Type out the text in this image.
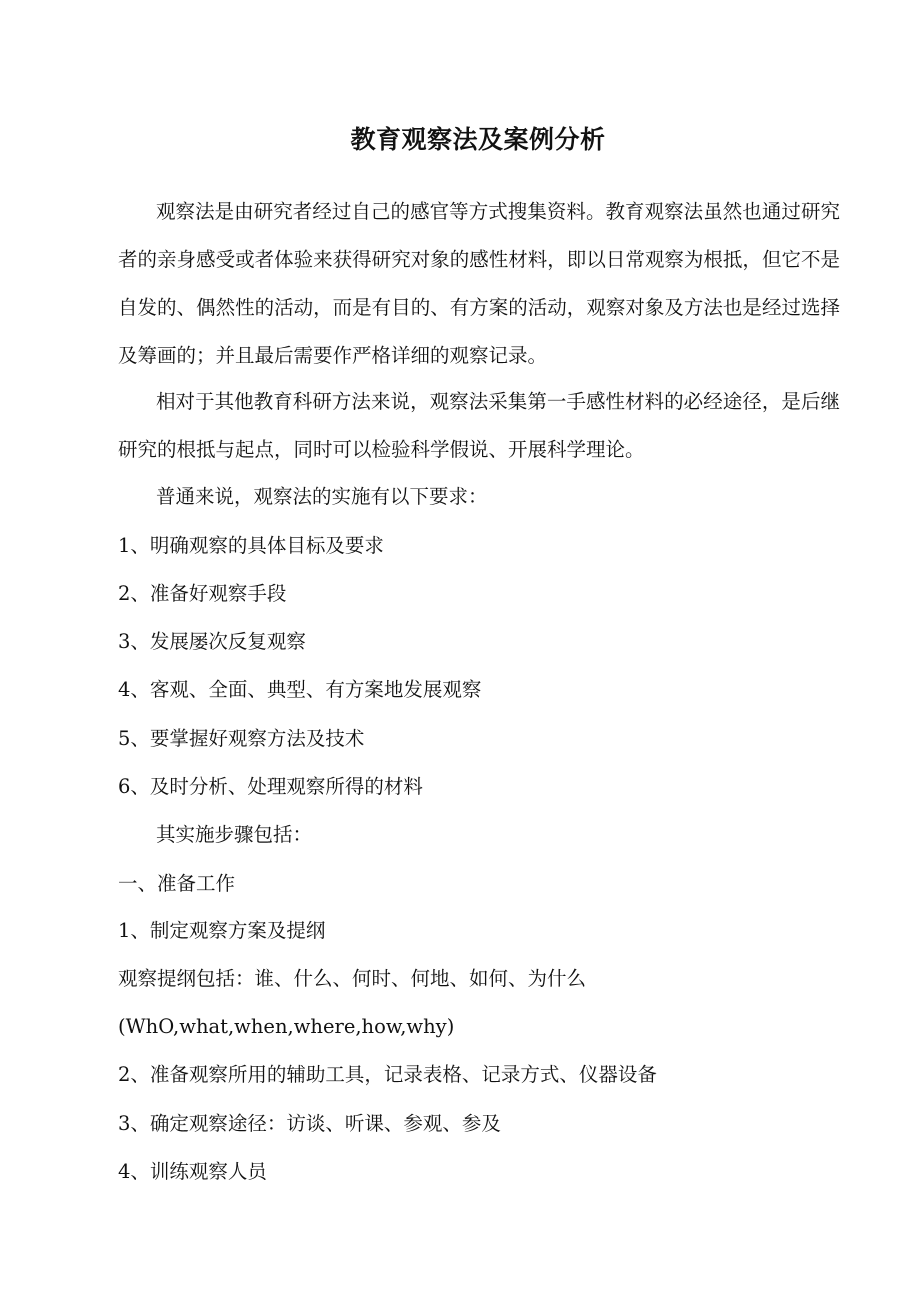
教育观察法及案例分析

观察法是由研究者经过自己的感官等方式搜集资料。教育观察法虽然也通过研究者的亲身感受或者体验来获得研究对象的感性材料，即以日常观察为根抵，但它不是自发的、偶然性的活动，而是有目的、有方案的活动，观察对象及方法也是经过选择及筹画的；并且最后需要作严格详细的观察记录。

相对于其他教育科研方法来说，观察法采集第一手感性材料的必经途径，是后继研究的根抵与起点，同时可以检验科学假说、开展科学理论。

普通来说，观察法的实施有以下要求：

1、明确观察的具体目标及要求

2、准备好观察手段

3、发展屡次反复观察

4、客观、全面、典型、有方案地发展观察

5、要掌握好观察方法及技术

6、及时分析、处理观察所得的材料

其实施步骤包括：

一、准备工作

1、制定观察方案及提纲

观察提纲包括：谁、什么、何时、何地、如何、为什么

(WhO,what,when,where,how,why)

2、准备观察所用的辅助工具，记录表格、记录方式、仪器设备

3、确定观察途径：访谈、听课、参观、参及

4、训练观察人员
